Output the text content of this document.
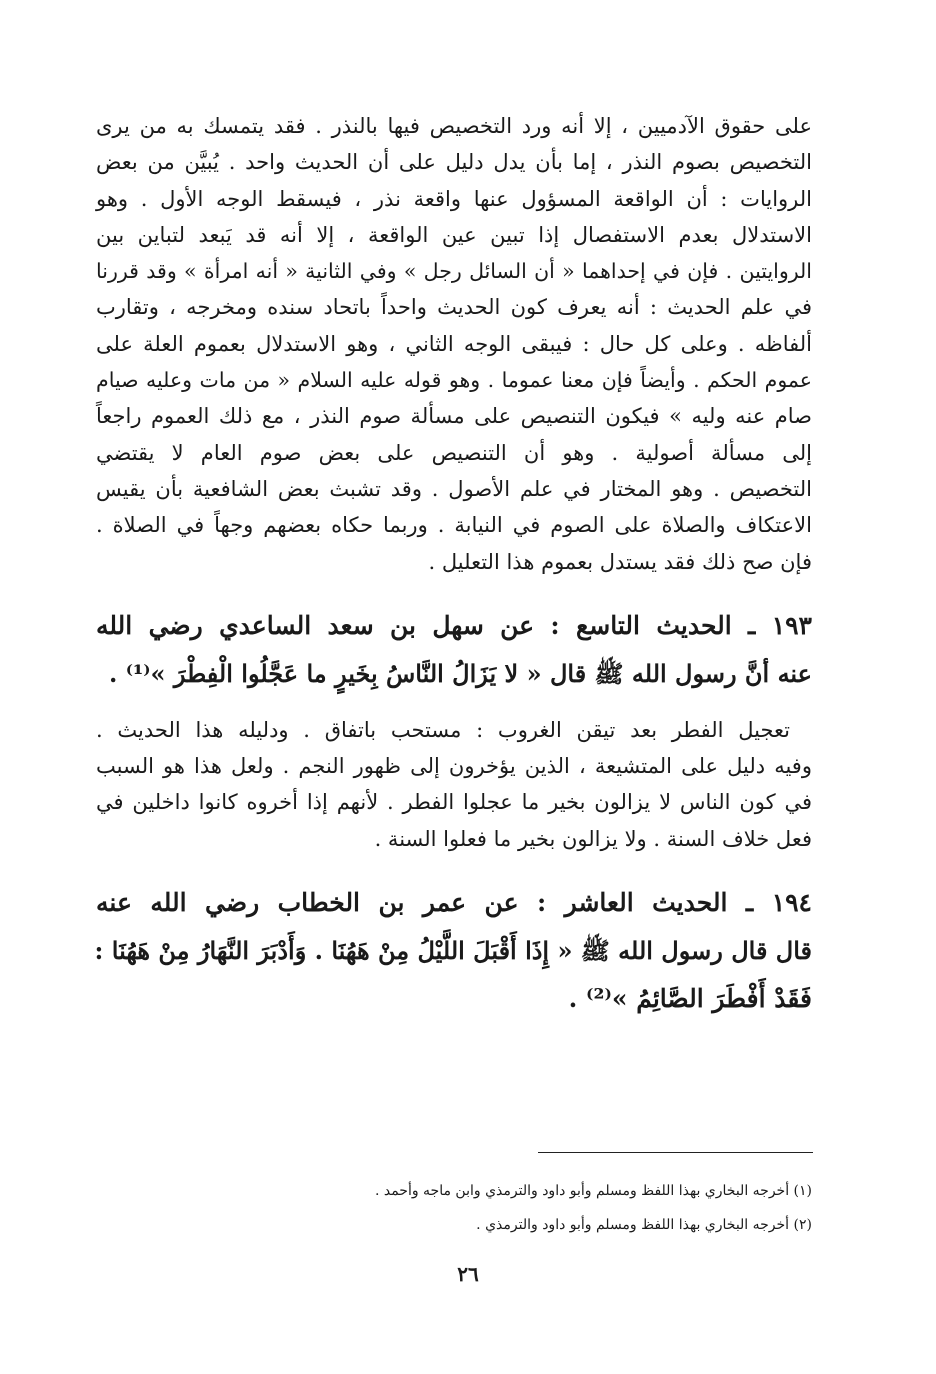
على حقوق الآدميين ، إلا أنه ورد التخصيص فيها بالنذر . فقد يتمسك به من يرى
التخصيص بصوم النذر ، إما بأن يدل دليل على أن الحديث واحد . يُبيَّن من بعض
الروايات : أن الواقعة المسؤول عنها واقعة نذر ، فيسقط الوجه الأول . وهو
الاستدلال بعدم الاستفصال إذا تبين عين الواقعة ، إلا أنه قد يَبعد لتباين بين
الروايتين . فإن في إحداهما « أن السائل رجل » وفي الثانية « أنه امرأة » وقد قررنا
في علم الحديث : أنه يعرف كون الحديث واحداً باتحاد سنده ومخرجه ، وتقارب
ألفاظه . وعلى كل حال : فيبقى الوجه الثاني ، وهو الاستدلال بعموم العلة على
عموم الحكم . وأيضاً فإن معنا عموما . وهو قوله عليه السلام « من مات وعليه صيام
صام عنه وليه » فيكون التنصيص على مسألة صوم النذر ، مع ذلك العموم راجعاً
إلى مسألة أصولية . وهو أن التنصيص على بعض صوم العام لا يقتضي
التخصيص . وهو المختار في علم الأصول . وقد تشبث بعض الشافعية بأن يقيس
الاعتكاف والصلاة على الصوم في النيابة . وربما حكاه بعضهم وجهاً في الصلاة .
فإن صح ذلك فقد يستدل بعموم هذا التعليل .
١٩٣ ـ الحديث التاسع : عن سهل بن سعد الساعدي رضي الله
عنه أنَّ رسول الله ﷺ قال « لا يَزَالُ النَّاسُ بِخَيرٍ ما عَجَّلُوا الْفِطْرَ »⁽¹⁾ .
تعجيل الفطر بعد تيقن الغروب : مستحب باتفاق . ودليله هذا الحديث .
وفيه دليل على المتشيعة ، الذين يؤخرون إلى ظهور النجم . ولعل هذا هو السبب
في كون الناس لا يزالون بخير ما عجلوا الفطر . لأنهم إذا أخروه كانوا داخلين في
فعل خلاف السنة . ولا يزالون بخير ما فعلوا السنة .
١٩٤ ـ الحديث العاشر : عن عمر بن الخطاب رضي الله عنه
قال قال رسول الله ﷺ « إِذَا أَقْبَلَ اللَّيْلُ مِنْ هَهُنَا . وَأَدْبَرَ النَّهَارُ مِنْ هَهُنَا :
فَقَدْ أَفْطَرَ الصَّائِمُ »⁽²⁾ .
(١) أخرجه البخاري بهذا اللفظ ومسلم وأبو داود والترمذي وابن ماجه وأحمد .
(٢) أخرجه البخاري بهذا اللفظ ومسلم وأبو داود والترمذي .
٢٦
